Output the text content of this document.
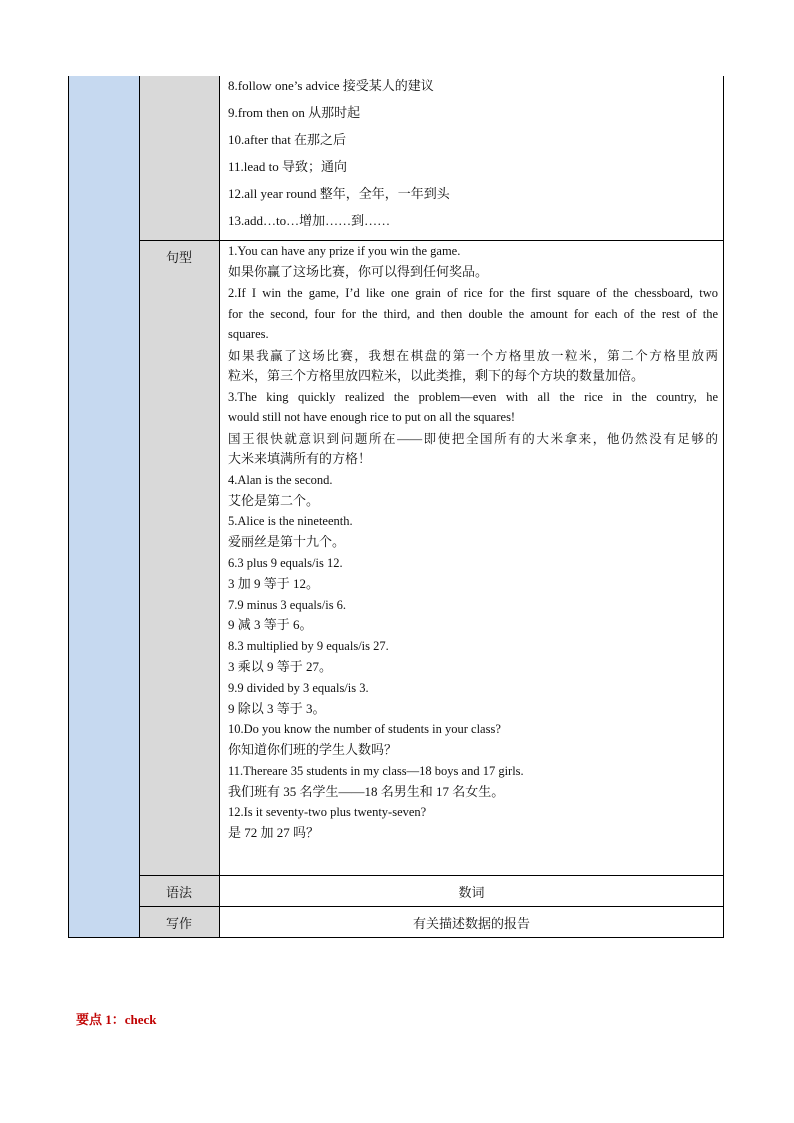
8.follow one’s advice 接受某人的建议
9.from then on 从那时起
10.after that 在那之后
11.lead to 导致；通向
12.all year round 整年，全年，一年到头
13.add…to…增加……到……
句型	1.You can have any prize if you win the game.
如果你赢了这场比赛，你可以得到任何奖品。
2.If I win the game, I’d like one grain of rice for the first square of the chessboard, two
for the second, four for the third, and then double the amount for each of the rest of the
squares.
如果我赢了这场比赛，我想在棋盘的第一个方格里放一粒米，第二个方格里放两
粒米，第三个方格里放四粒米，以此类推，剩下的每个方块的数量加倍。
3.The king quickly realized the problem—even with all the rice in the country, he
would still not have enough rice to put on all the squares!
国王很快就意识到问题所在——即使把全国所有的大米拿来，他仍然没有足够的
大米来填满所有的方格！
4.Alan is the second.
艾伦是第二个。
5.Alice is the nineteenth.
爱丽丝是第十九个。
6.3 plus 9 equals/is 12.
3 加 9 等于 12。
7.9 minus 3 equals/is 6.
9 减 3 等于 6。
8.3 multiplied by 9 equals/is 27.
3 乘以 9 等于 27。
9.9 divided by 3 equals/is 3.
9 除以 3 等于 3。
10.Do you know the number of students in your class?
你知道你们班的学生人数吗？
11.Thereare 35 students in my class—18 boys and 17 girls.
我们班有 35 名学生——18 名男生和 17 名女生。
12.Is it seventy-two plus twenty-seven?
是 72 加 27 吗？
语法	数词
写作	有关描述数据的报告
要点 1：check
